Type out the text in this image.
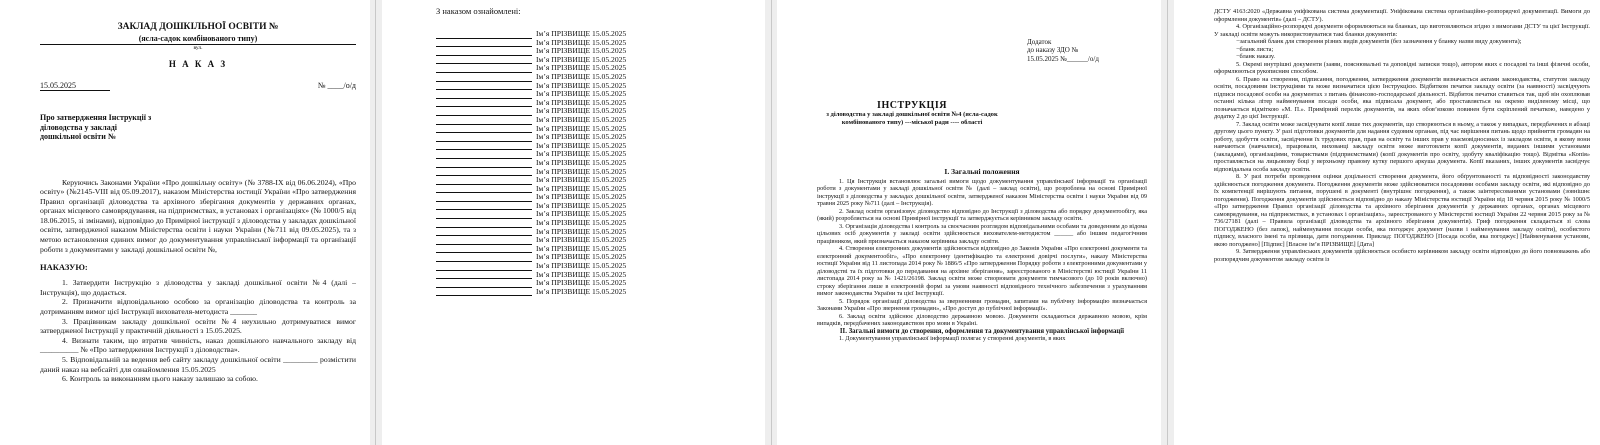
ЗАКЛАД ДОШКІЛЬНОЇ ОСВІТИ №
(ясла-садок комбінованого типу)
вул.
Н А К А З
15.05.2025	№ ____/о/д
Про затвердження Інструкції з діловодства у закладі дошкільної освіти №
Керуючись Законами України «Про дошкільну освіту» (№ 3788-IX від 06.06.2024), «Про освіту» (№2145-VIII від 05.09.2017), наказом Міністерства юстиції України «Про затвердження Правил організації діловодства та архівного зберігання документів у державних органах, органах місцевого самоврядування, на підприємствах, в установах і організаціях» (№ 1000/5 від 18.06.2015, зі змінами), відповідно до Примірної інструкції з діловодства у закладах дошкільної освіти, затвердженої наказом Міністерства освіти і науки України (№711 від 09.05.2025), та з метою встановлення єдиних вимог до документування управлінської інформації та організації роботи з документами у закладі дошкільної освіти №,
НАКАЗУЮ:
1. Затвердити Інструкцію з діловодства у закладі дошкільної освіти №4 (далі – Інструкція), що додається.
2. Призначити відповідальною особою за організацію діловодства та контроль за дотриманням вимог цієї Інструкції вихователя-методиста _______
3. Працівникам закладу дошкільної освіти №4 неухильно дотримуватися вимог затвердженої Інструкції у практичній діяльності з 15.05.2025.
4. Визнати таким, що втратив чинність, наказ дошкільного навчального закладу від __________ № «Про затвердження Інструкції з діловодства».
5. Відповідальній за ведення веб сайту закладу дошкільної освіти _________ розмістити даний наказ на вебсайті для ознайомлення 15.05.2025
6. Контроль за виконанням цього наказу залишаю за собою.
З наказом ознайомлені:
Ім’я ПРІЗВИЩЕ 15.05.2025
Ім’я ПРІЗВИЩЕ 15.05.2025
Ім’я ПРІЗВИЩЕ 15.05.2025
Ім’я ПРІЗВИЩЕ 15.05.2025
Ім’я ПРІЗВИЩЕ 15.05.2025
Ім’я ПРІЗВИЩЕ 15.05.2025
Ім’я ПРІЗВИЩЕ 15.05.2025
Ім’я ПРІЗВИЩЕ 15.05.2025
Ім’я ПРІЗВИЩЕ 15.05.2025
Ім’я ПРІЗВИЩЕ 15.05.2025
Ім’я ПРІЗВИЩЕ 15.05.2025
Ім’я ПРІЗВИЩЕ 15.05.2025
Ім’я ПРІЗВИЩЕ 15.05.2025
Ім’я ПРІЗВИЩЕ 15.05.2025
Ім’я ПРІЗВИЩЕ 15.05.2025
Ім’я ПРІЗВИЩЕ 15.05.2025
Ім’я ПРІЗВИЩЕ 15.05.2025
Ім’я ПРІЗВИЩЕ 15.05.2025
Ім’я ПРІЗВИЩЕ 15.05.2025
Ім’я ПРІЗВИЩЕ 15.05.2025
Ім’я ПРІЗВИЩЕ 15.05.2025
Ім’я ПРІЗВИЩЕ 15.05.2025
Ім’я ПРІЗВИЩЕ 15.05.2025
Ім’я ПРІЗВИЩЕ 15.05.2025
Ім’я ПРІЗВИЩЕ 15.05.2025
Ім’я ПРІЗВИЩЕ 15.05.2025
Ім’я ПРІЗВИЩЕ 15.05.2025
Ім’я ПРІЗВИЩЕ 15.05.2025
Ім’я ПРІЗВИЩЕ 15.05.2025
Ім’я ПРІЗВИЩЕ 15.05.2025
Ім’я ПРІЗВИЩЕ 15.05.2025
Додаток
до наказу ЗДО №
15.05.2025 №______/о/д
ІНСТРУКЦІЯ
з діловодства у закладі дошкільної освіти №4 (ясла-садок комбінованого типу) ---міської ради ---- області
І. Загальні положення
1. Ця Інструкція встановлює загальні вимоги щодо документування управлінської інформації та організації роботи з документами у закладі дошкільної освіти № (далі – заклад освіти), що розроблена на основі Примірної інструкції з діловодства у закладах дошкільної освіти, затвердженої наказом Міністерства освіти і науки України від 09 травня 2025 року №711 (далі – Інструкція).
2. Заклад освіти організовує діловодство відповідно до Інструкції з діловодства або порядку документообігу, яка (який) розробляється на основі Примірної інструкції та затверджується керівником закладу освіти.
3. Організація діловодства і контроль за своєчасним розглядом відповідальними особами та доведенням до відома цільових осіб документів у закладі освіти здійснюється вихователем-методистом ______ або іншим педагогічним працівником, який призначається наказом керівника закладу освіти.
4. Створення електронних документів здійснюється відповідно до Законів України «Про електронні документи та електронний документообіг», «Про електронну ідентифікацію та електронні довірчі послуги», наказу Міністерства юстиції України від 11 листопада 2014 року № 1886/5 «Про затвердження Порядку роботи з електронними документами у діловодстві та їх підготовки до передавання на архівне зберігання», зареєстрованого в Міністерстві юстиції України 11 листопада 2014 року за № 1421/26198. Заклад освіти може створювати документи тимчасового (до 10 років включно) строку зберігання лише в електронній формі за умови наявності відповідного технічного забезпечення з урахуванням вимог законодавства України та цієї Інструкції.
5. Порядок організації діловодства за зверненнями громадян, запитами на публічну інформацію визначається Законами України «Про звернення громадян», «Про доступ до публічної інформації».
6. Заклад освіти здійснює діловодство державною мовою. Документи складаються державною мовою, крім випадків, передбачених законодавством про мови в Україні.
ІІ. Загальні вимоги до створення, оформлення та документування управлінської інформації
1. Документування управлінської інформації полягає у створенні документів, в яких
ДСТУ 4163:2020 «Державна уніфікована система документації. Уніфікована система організаційно-розпорядчої документації. Вимоги до оформлення документів» (далі – ДСТУ).
4. Організаційно-розпорядчі документи оформлюються на бланках, що виготовляються згідно з вимогами ДСТУ та цієї Інструкції. У закладі освіти можуть використовуватися такі бланки документів:
−загальний бланк для створення різних видів документів (без зазначення у бланку назви виду документа);
−бланк листа;
−бланк наказу.
5. Окремі внутрішні документи (заяви, пояснювальні та доповідні записки тощо), автором яких є посадові та інші фізичні особи, оформлюються рукописним способом.
6. Право на створення, підписання, погодження, затвердження документів визначається актами законодавства, статутом закладу освіти, посадовими інструкціями та може визначатися цією Інструкцією. Відбитком печатки закладу освіти (за наявності) засвідчують підписи посадової особи на документах з питань фінансово-господарської діяльності. Відбиток печатки ставиться так, щоб він охоплював останні кілька літер найменування посади особи, яка підписала документ, або проставляється на окремо виділеному місці, що позначається відміткою «М. П.». Примірний перелік документів, на яких обов’язково повинен бути скріплений печаткою, наведено у додатку 2 до цієї Інструкції.
7. Заклад освіти може засвідчувати копії лише тих документів, що створюються в ньому, а також у випадках, передбачених в абзаці другому цього пункту. У разі підготовки документів для надання судовим органам, під час вирішення питань щодо прийняття громадян на роботу, здобуття освіти, засвідчення їх трудових прав, прав на освіту та інших прав у взаємовідносинах із закладом освіти, в якому вони навчаються (навчалися), працювали, вихованці закладу освіти може виготовляти копії документів, виданих іншими установами (закладами), організаціями, товариствами (підприємствами) (копії документів про освіту, здобуту кваліфікацію тощо). Відмітка «Копія» проставляється на лицьовому боці у верхньому правому кутку першого аркуша документа. Копії вказаних, інших документів засвідчує відповідальна особа закладу освіти.
8. У разі потреби проведення оцінки доцільності створення документа, його обґрунтованості та відповідності законодавству здійснюється погодження документа. Погодження документів може здійснюватися посадовими особами закладу освіти, які відповідно до їх компетенції вирішують питання, порушені в документі (внутрішнє погодження), а також заінтересованими установами (зовнішнє погодження). Погодження документів здійснюється відповідно до наказу Міністерства юстиції України від 18 червня 2015 року № 1000/5 «Про затвердження Правил організації діловодства та архівного зберігання документів у державних органах, органах місцевого самоврядування, на підприємствах, в установах і організаціях», зареєстрованого у Міністерстві юстиції України 22 червня 2015 року за № 736/27181 (далі – Правила організації діловодства та архівного зберігання документів). Гриф погодження складається зі слова ПОГОДЖЕНО (без лапок), найменування посади особи, яка погоджує документ (назви і найменування закладу освіти), особистого підпису, власного імені та прізвища, дати погодження. Приклад: ПОГОДЖЕНО [Посада особи, яка погоджує] [Найменування установи, якою погоджено] [Підпис] [Власне ім’я ПРІЗВИЩЕ] [Дата]
9. Затвердження управлінських документів здійснюється особисто керівником закладу освіти відповідно до його повноважень або розпорядчим документом закладу освіти із
